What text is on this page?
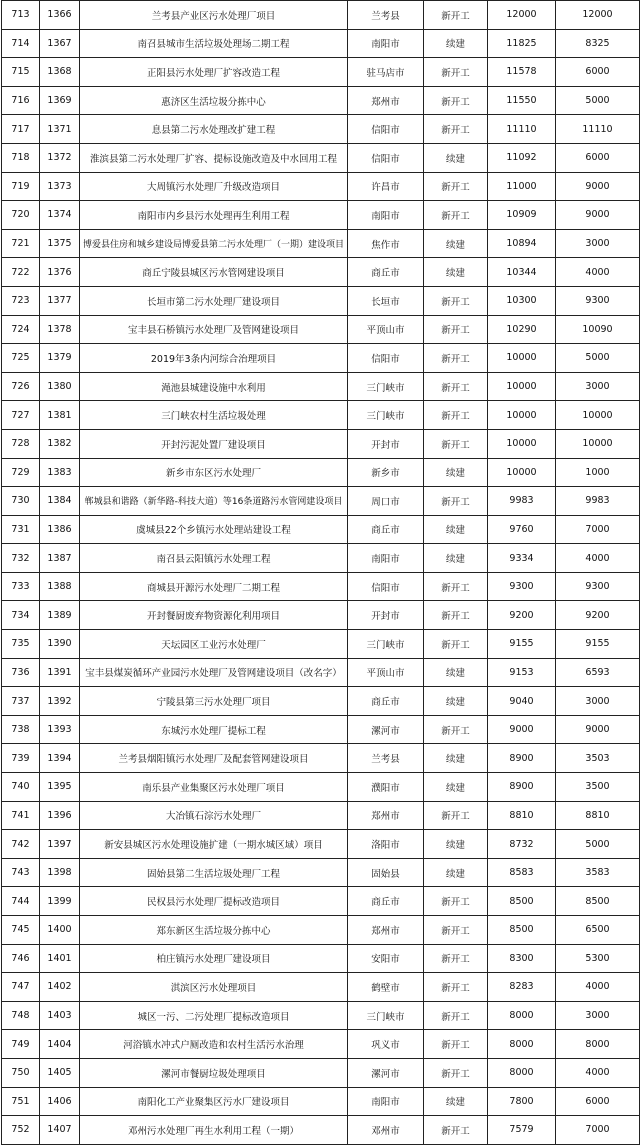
713	1366	兰考县产业区污水处理厂项目	兰考县	新开工	12000	12000
714	1367	南召县城市生活垃圾处理场二期工程	南阳市	续建	11825	8325
715	1368	正阳县污水处理厂扩容改造工程	驻马店市	新开工	11578	6000
716	1369	惠济区生活垃圾分拣中心	郑州市	新开工	11550	5000
717	1371	息县第二污水处理改扩建工程	信阳市	新开工	11110	11110
718	1372	淮滨县第二污水处理厂扩容、提标设施改造及中水回用工程	信阳市	续建	11092	6000
719	1373	大周镇污水处理厂升级改造项目	许昌市	新开工	11000	9000
720	1374	南阳市内乡县污水处理再生利用工程	南阳市	新开工	10909	9000
721	1375	博爱县住房和城乡建设局博爱县第二污水处理厂（一期）建设项目	焦作市	续建	10894	3000
722	1376	商丘宁陵县城区污水管网建设项目	商丘市	续建	10344	4000
723	1377	长垣市第二污水处理厂建设项目	长垣市	新开工	10300	9300
724	1378	宝丰县石桥镇污水处理厂及管网建设项目	平顶山市	新开工	10290	10090
725	1379	2019年3条内河综合治理项目	信阳市	新开工	10000	5000
726	1380	渑池县城建设施中水利用	三门峡市	新开工	10000	3000
727	1381	三门峡农村生活垃圾处理	三门峡市	新开工	10000	10000
728	1382	开封污泥处置厂建设项目	开封市	新开工	10000	10000
729	1383	新乡市东区污水处理厂	新乡市	续建	10000	1000
730	1384	郸城县和谐路（新华路-科技大道）等16条道路污水管网建设项目	周口市	新开工	9983	9983
731	1386	虞城县22个乡镇污水处理站建设工程	商丘市	续建	9760	7000
732	1387	南召县云阳镇污水处理工程	南阳市	续建	9334	4000
733	1388	商城县开源污水处理厂二期工程	信阳市	新开工	9300	9300
734	1389	开封餐厨废弃物资源化利用项目	开封市	新开工	9200	9200
735	1390	天坛园区工业污水处理厂	三门峡市	新开工	9155	9155
736	1391	宝丰县煤炭循环产业园污水处理厂及管网建设项目（改名字）	平顶山市	续建	9153	6593
737	1392	宁陵县第三污水处理厂项目	商丘市	续建	9040	3000
738	1393	东城污水处理厂提标工程	漯河市	新开工	9000	9000
739	1394	兰考县烟阳镇污水处理厂及配套管网建设项目	兰考县	续建	8900	3503
740	1395	南乐县产业集聚区污水处理厂项目	濮阳市	续建	8900	3500
741	1396	大冶镇石淙污水处理厂	郑州市	新开工	8810	8810
742	1397	新安县城区污水处理设施扩建（一期水城区域）项目	洛阳市	续建	8732	5000
743	1398	固始县第二生活垃圾处理厂工程	固始县	续建	8583	3583
744	1399	民权县污水处理厂提标改造项目	商丘市	新开工	8500	8500
745	1400	郑东新区生活垃圾分拣中心	郑州市	新开工	8500	6500
746	1401	柏庄镇污水处理厂建设项目	安阳市	新开工	8300	5300
747	1402	淇滨区污水处理项目	鹤壁市	新开工	8283	4000
748	1403	城区一污、二污处理厂提标改造项目	三门峡市	新开工	8000	3000
749	1404	河浴镇水冲式户厕改造和农村生活污水治理	巩义市	新开工	8000	8000
750	1405	漯河市餐厨垃圾处理项目	漯河市	新开工	8000	4000
751	1406	南阳化工产业聚集区污水厂建设项目	南阳市	续建	7800	6000
752	1407	邓州污水处理厂再生水利用工程（一期）	邓州市	新开工	7579	7000
